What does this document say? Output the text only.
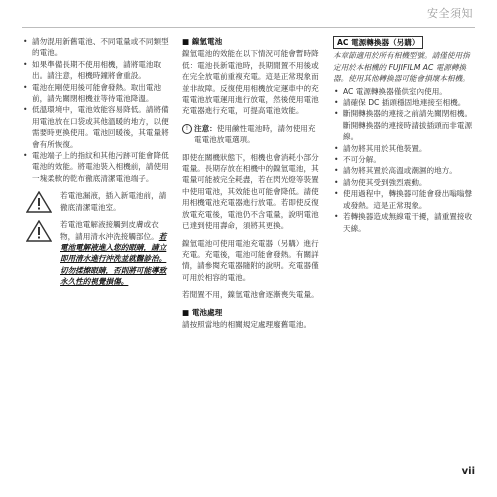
安全須知
• 請勿混用新舊電池、不同電量或不同類型的電池。
• 如果準備長期不使用相機，請將電池取出。請注意，相機時鐘將會重設。
• 電池在剛使用後可能會發熱。取出電池前，請先關閉相機並等待電池降溫。
• 低溫環境中，電池效能容易降低。請將備用電池放在口袋或其他溫暖的地方，以便需要時更換使用。電池回暖後，其電量將會有所恢復。
• 電池端子上的指紋和其他污跡可能會降低電池的效能。將電池裝入相機前，請使用一塊柔軟的乾布徹底清潔電池端子。
若電池漏液，插入新電池前，請徹底清潔電池室。
若電池電解液接觸到皮膚或衣物，請用清水沖洗接觸部位。若電池電解液進入您的眼睛，請立即用清水進行沖洗並就醫診治。切勿揉擦眼睛，否則將可能導致永久性的視覺損傷。
■ 鎳氫電池

鎳氫電池的效能在以下情況可能會暫時降低：電池長新電池時，長期閒置不用後或在完全放電前重複充電。這是正常現象而並非故障。反復使用相機放定運車中的充電電池放電運用進行放電，然後使用電池充電器進行充電，可提高電池效能。

! 注意：使用鹼性電池時，請勿使用充電電池放電選項。

即使在關機狀態下，相機也會消耗小部分電量。長期存放在相機中的鎳氫電池，其電量可能被完全耗盡，若在閃光燈等裝置中使用電池，其效能也可能會降低。請使用相機電池充電器進行放電。若即使反復放電充電後，電池仍不含電量，說明電池已達到使用壽命，須將其更換。

鎳氫電池可使用電池充電器（另購）進行充電。充電後，電池可能會發熱。有關詳情，請參閱充電器隨附的說明。充電器僅可用於相容的電池。

若閒置不用，鎳氫電池會逐漸喪失電量。

■ 電池處理

請按照當地的相關規定處理廢舊電池。

AC 電源轉換器（另購）

本章節適用於所有相機型號。請僅使用指定用於本相機的 FUJIFILM AC 電源轉換器。使用其他轉換器可能會損壞本相機。

• AC 電源轉換器僅供室內使用。
• 請確保 DC 插頭穩固地連接至相機。
• 斷開轉換器的連接之前請先關閉相機。斷開轉換器的連接時請拔插頭而非電源線。
• 請勿將其用於其他裝置。
• 不可分解。
• 請勿將其置於高溫或潮濕的地方。
• 請勿使其受到強烈震動。
• 使用過程中，轉換器可能會發出嗡嗡聲或發熱。這是正常現象。
• 若轉換器造成無線電干擾，請重置接收天線。
vii
